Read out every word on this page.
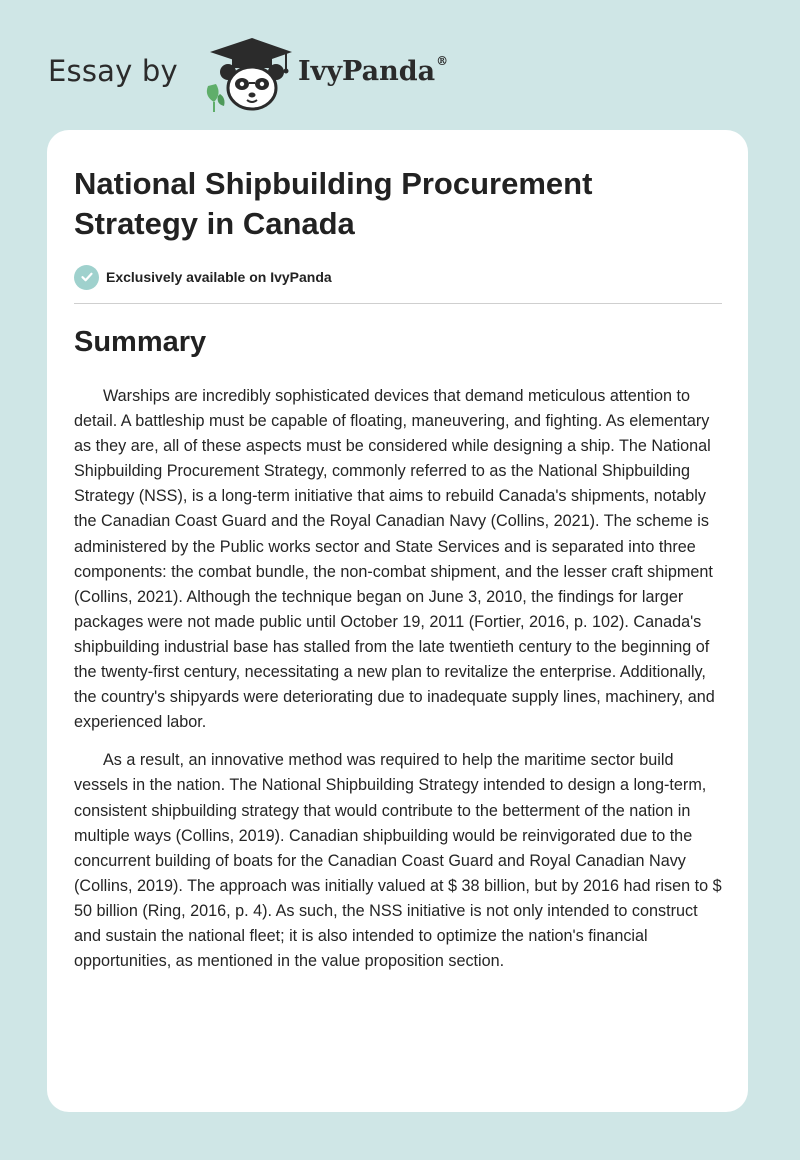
Essay by	IvyPanda®
National Shipbuilding Procurement Strategy in Canada
Exclusively available on IvyPanda
Summary

Warships are incredibly sophisticated devices that demand meticulous attention to detail. A battleship must be capable of floating, maneuvering, and fighting. As elementary as they are, all of these aspects must be considered while designing a ship. The National Shipbuilding Procurement Strategy, commonly referred to as the National Shipbuilding Strategy (NSS), is a long-term initiative that aims to rebuild Canada's shipments, notably the Canadian Coast Guard and the Royal Canadian Navy (Collins, 2021). The scheme is administered by the Public works sector and State Services and is separated into three components: the combat bundle, the non-combat shipment, and the lesser craft shipment (Collins, 2021). Although the technique began on June 3, 2010, the findings for larger packages were not made public until October 19, 2011 (Fortier, 2016, p. 102). Canada's shipbuilding industrial base has stalled from the late twentieth century to the beginning of the twenty-first century, necessitating a new plan to revitalize the enterprise. Additionally, the country's shipyards were deteriorating due to inadequate supply lines, machinery, and experienced labor.

As a result, an innovative method was required to help the maritime sector build vessels in the nation. The National Shipbuilding Strategy intended to design a long-term, consistent shipbuilding strategy that would contribute to the betterment of the nation in multiple ways (Collins, 2019). Canadian shipbuilding would be reinvigorated due to the concurrent building of boats for the Canadian Coast Guard and Royal Canadian Navy (Collins, 2019). The approach was initially valued at $ 38 billion, but by 2016 had risen to $ 50 billion (Ring, 2016, p. 4). As such, the NSS initiative is not only intended to construct and sustain the national fleet; it is also intended to optimize the nation's financial opportunities, as mentioned in the value proposition section.
